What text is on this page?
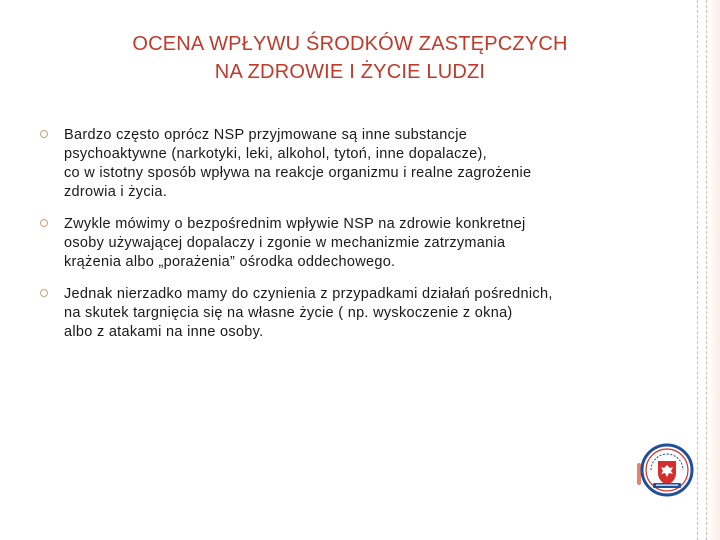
OCENA WPŁYWU ŚRODKÓW ZASTĘPCZYCH
NA ZDROWIE I ŻYCIE LUDZI
Bardzo często oprócz NSP przyjmowane są inne substancje
psychoaktywne (narkotyki, leki, alkohol, tytoń, inne dopalacze),
co w istotny sposób wpływa na reakcje organizmu i realne zagrożenie
zdrowia i życia.
Zwykle mówimy o bezpośrednim wpływie NSP na zdrowie konkretnej
osoby używającej dopalaczy i zgonie w mechanizmie zatrzymania
krążenia albo „porażenia” ośrodka oddechowego.
Jednak nierzadko mamy do czynienia z przypadkami działań pośrednich,
na skutek targnięcia się na własne życie ( np. wyskoczenie z okna)
albo z atakami na inne osoby.
